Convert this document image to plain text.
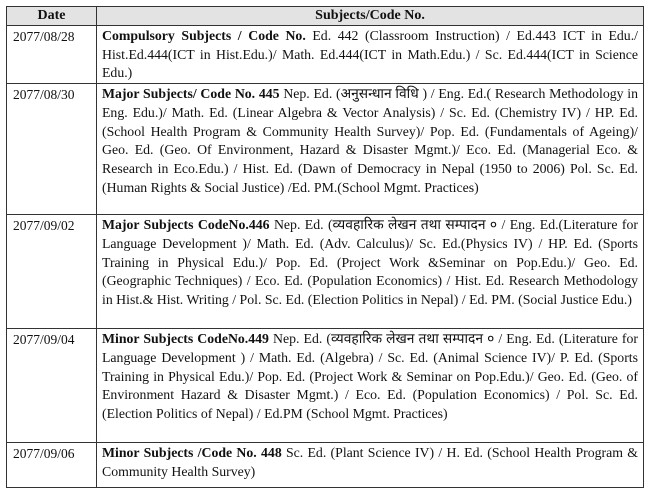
Date	Subjects/Code No.
2077/08/28	Compulsory Subjects / Code No. Ed. 442 (Classroom Instruction) / Ed.443 ICT in Edu./ Hist.Ed.444(ICT in Hist.Edu.)/ Math. Ed.444(ICT in Math.Edu.) / Sc. Ed.444(ICT in Science Edu.)
2077/08/30	Major Subjects/ Code No. 445 Nep. Ed. (अनुसन्धान विधि ) / Eng. Ed.( Research Methodology in Eng. Edu.)/ Math. Ed. (Linear Algebra & Vector Analysis) / Sc. Ed. (Chemistry IV) / HP. Ed. (School Health Program & Community Health Survey)/ Pop. Ed. (Fundamentals of Ageing)/ Geo. Ed. (Geo. Of Environment, Hazard & Disaster Mgmt.)/ Eco. Ed. (Managerial Eco. & Research in Eco.Edu.) / Hist. Ed. (Dawn of Democracy in Nepal (1950 to 2006) Pol. Sc. Ed. (Human Rights & Social Justice) /Ed. PM.(School Mgmt. Practices)
2077/09/02	Major Subjects CodeNo.446 Nep. Ed. (व्यवहारिक लेखन तथा सम्पादन ० / Eng. Ed.(Literature for Language Development )/ Math. Ed. (Adv. Calculus)/ Sc. Ed.(Physics IV) / HP. Ed. (Sports Training in Physical Edu.)/ Pop. Ed. (Project Work &Seminar on Pop.Edu.)/ Geo. Ed. (Geographic Techniques) / Eco. Ed. (Population Economics) / Hist. Ed. Research Methodology in Hist.& Hist. Writing / Pol. Sc. Ed. (Election Politics in Nepal) / Ed. PM. (Social Justice Edu.)
2077/09/04	Minor Subjects CodeNo.449 Nep. Ed. (व्यवहारिक लेखन तथा सम्पादन ० / Eng. Ed. (Literature for Language Development ) / Math. Ed. (Algebra) / Sc. Ed. (Animal Science IV)/ P. Ed. (Sports Training in Physical Edu.)/ Pop. Ed. (Project Work & Seminar on Pop.Edu.)/ Geo. Ed. (Geo. of Environment Hazard & Disaster Mgmt.) / Eco. Ed. (Population Economics) / Pol. Sc. Ed.(Election Politics of Nepal) / Ed.PM (School Mgmt. Practices)
2077/09/06	Minor Subjects /Code No. 448 Sc. Ed. (Plant Science IV) / H. Ed. (School Health Program & Community Health Survey)
